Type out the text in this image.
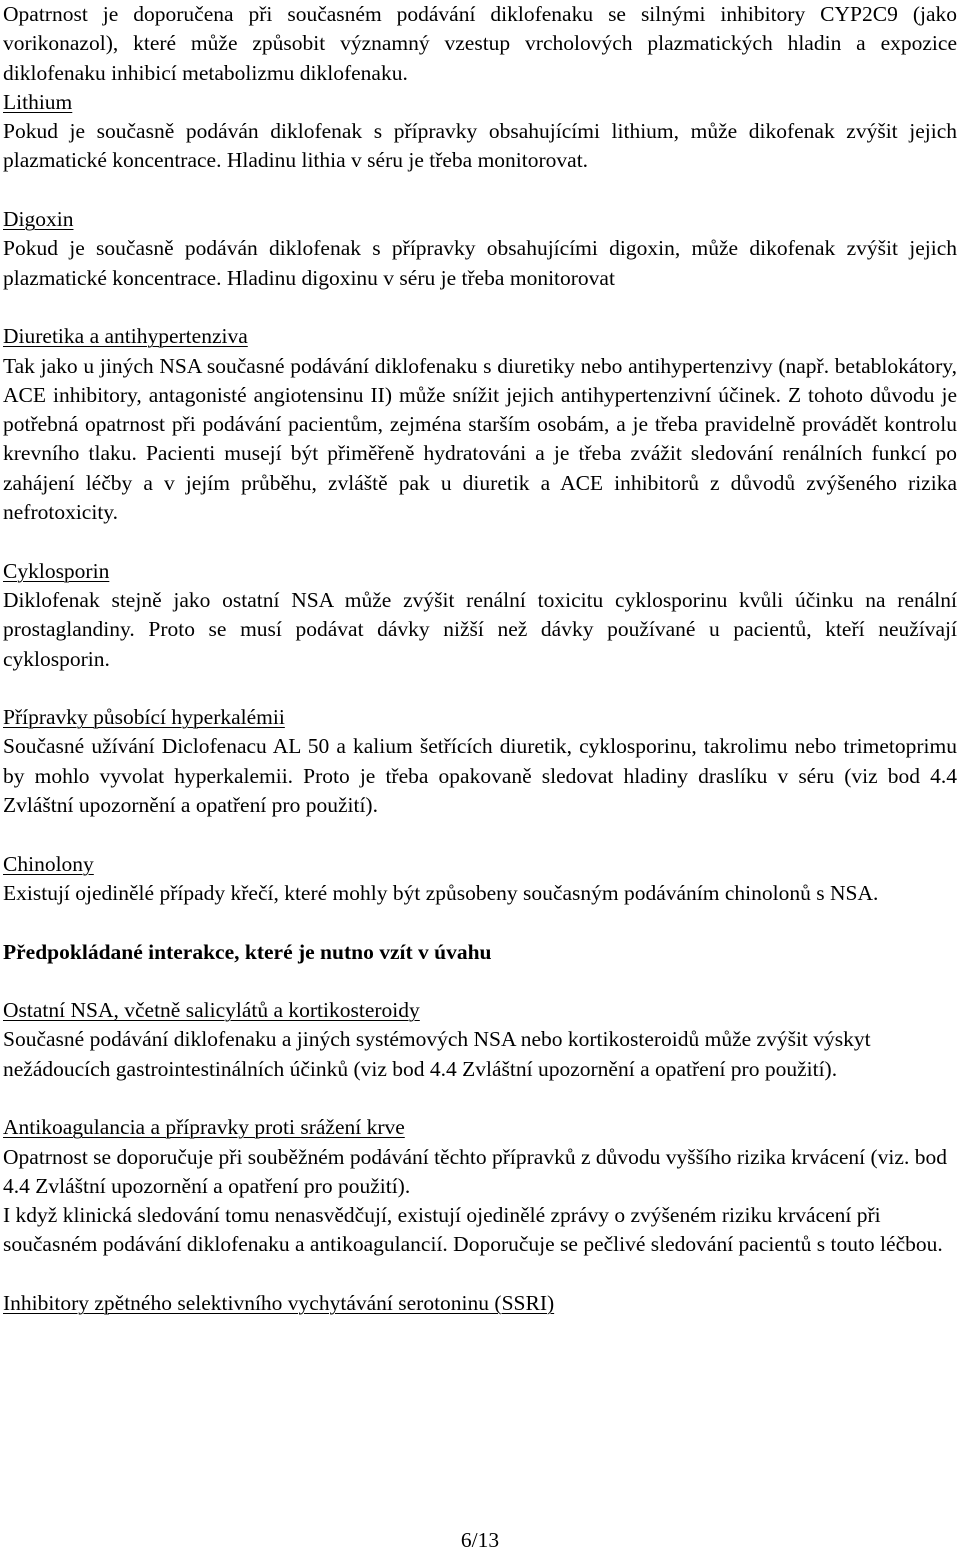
Opatrnost je doporučena při současném podávání diklofenaku se silnými inhibitory CYP2C9 (jako vorikonazol), které může způsobit významný vzestup vrcholových plazmatických hladin a expozice diklofenaku inhibicí metabolizmu diklofenaku.

Lithium

Pokud je současně podáván diklofenak s přípravky obsahujícími lithium, může dikofenak zvýšit jejich plazmatické koncentrace. Hladinu lithia v séru je třeba monitorovat.

Digoxin

Pokud je současně podáván diklofenak s přípravky obsahujícími digoxin, může dikofenak zvýšit jejich plazmatické koncentrace. Hladinu digoxinu v séru je třeba monitorovat

Diuretika a antihypertenziva

Tak jako u jiných NSA současné podávání diklofenaku s diuretiky nebo antihypertenzivy (např. betablokátory, ACE inhibitory, antagonisté angiotensinu II) může snížit jejich antihypertenzivní účinek. Z tohoto důvodu je potřebná opatrnost při podávání pacientům, zejména starším osobám, a je třeba pravidelně provádět kontrolu krevního tlaku. Pacienti musejí být přiměřeně hydratováni a je třeba zvážit sledování renálních funkcí po zahájení léčby a v jejím průběhu, zvláště pak u diuretik a ACE inhibitorů z důvodů zvýšeného rizika nefrotoxicity.

Cyklosporin

Diklofenak stejně jako ostatní NSA může zvýšit renální toxicitu cyklosporinu kvůli účinku na renální prostaglandiny. Proto se musí podávat dávky nižší než dávky používané u pacientů, kteří neužívají cyklosporin.

Přípravky působící hyperkalémii

Současné užívání Diclofenacu AL 50 a kalium šetřících diuretik, cyklosporinu, takrolimu nebo trimetoprimu by mohlo vyvolat hyperkalemii. Proto je třeba opakovaně sledovat hladiny draslíku v séru (viz bod 4.4 Zvláštní upozornění a opatření pro použití).

Chinolony

Existují ojedinělé případy křečí, které mohly být způsobeny současným podáváním chinolonů s NSA.

Předpokládané interakce, které je nutno vzít v úvahu

Ostatní NSA, včetně salicylátů a kortikosteroidy

Současné podávání diklofenaku a jiných systémových NSA nebo kortikosteroidů může zvýšit výskyt nežádoucích gastrointestinálních účinků (viz bod 4.4 Zvláštní upozornění a opatření pro použití).

Antikoagulancia a přípravky proti srážení krve

Opatrnost se doporučuje při souběžném podávání těchto přípravků z důvodu vyššího rizika krvácení (viz. bod 4.4 Zvláštní upozornění a opatření pro použití).

I když klinická sledování tomu nenasvědčují, existují ojedinělé zprávy o zvýšeném riziku krvácení při současném podávání diklofenaku a antikoagulancií. Doporučuje se pečlivé sledování pacientů s touto léčbou.

Inhibitory zpětného selektivního vychytávání serotoninu (SSRI)

6/13
